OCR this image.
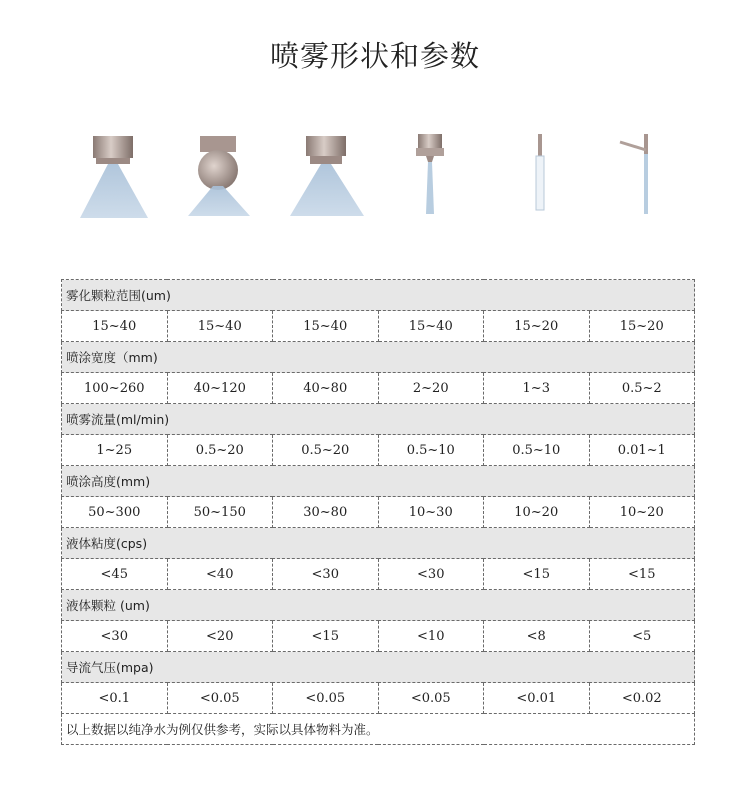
喷雾形状和参数
雾化颗粒范围(um)					
15~40	15~40	15~40	15~40	15~20	15~20
喷涂宽度（mm)					
100~260	40~120	40~80	2~20	1~3	0.5~2
喷雾流量(ml/min)					
1~25	0.5~20	0.5~20	0.5~10	0.5~10	0.01~1
喷涂高度(mm)					
50~300	50~150	30~80	10~30	10~20	10~20
液体粘度(cps)					
<45	<40	<30	<30	<15	<15
液体颗粒 (um)					
<30	<20	<15	<10	<8	<5
导流气压(mpa)					
<0.1	<0.05	<0.05	<0.05	<0.01	<0.02
以上数据以纯净水为例仅供参考，实际以具体物料为准。					
